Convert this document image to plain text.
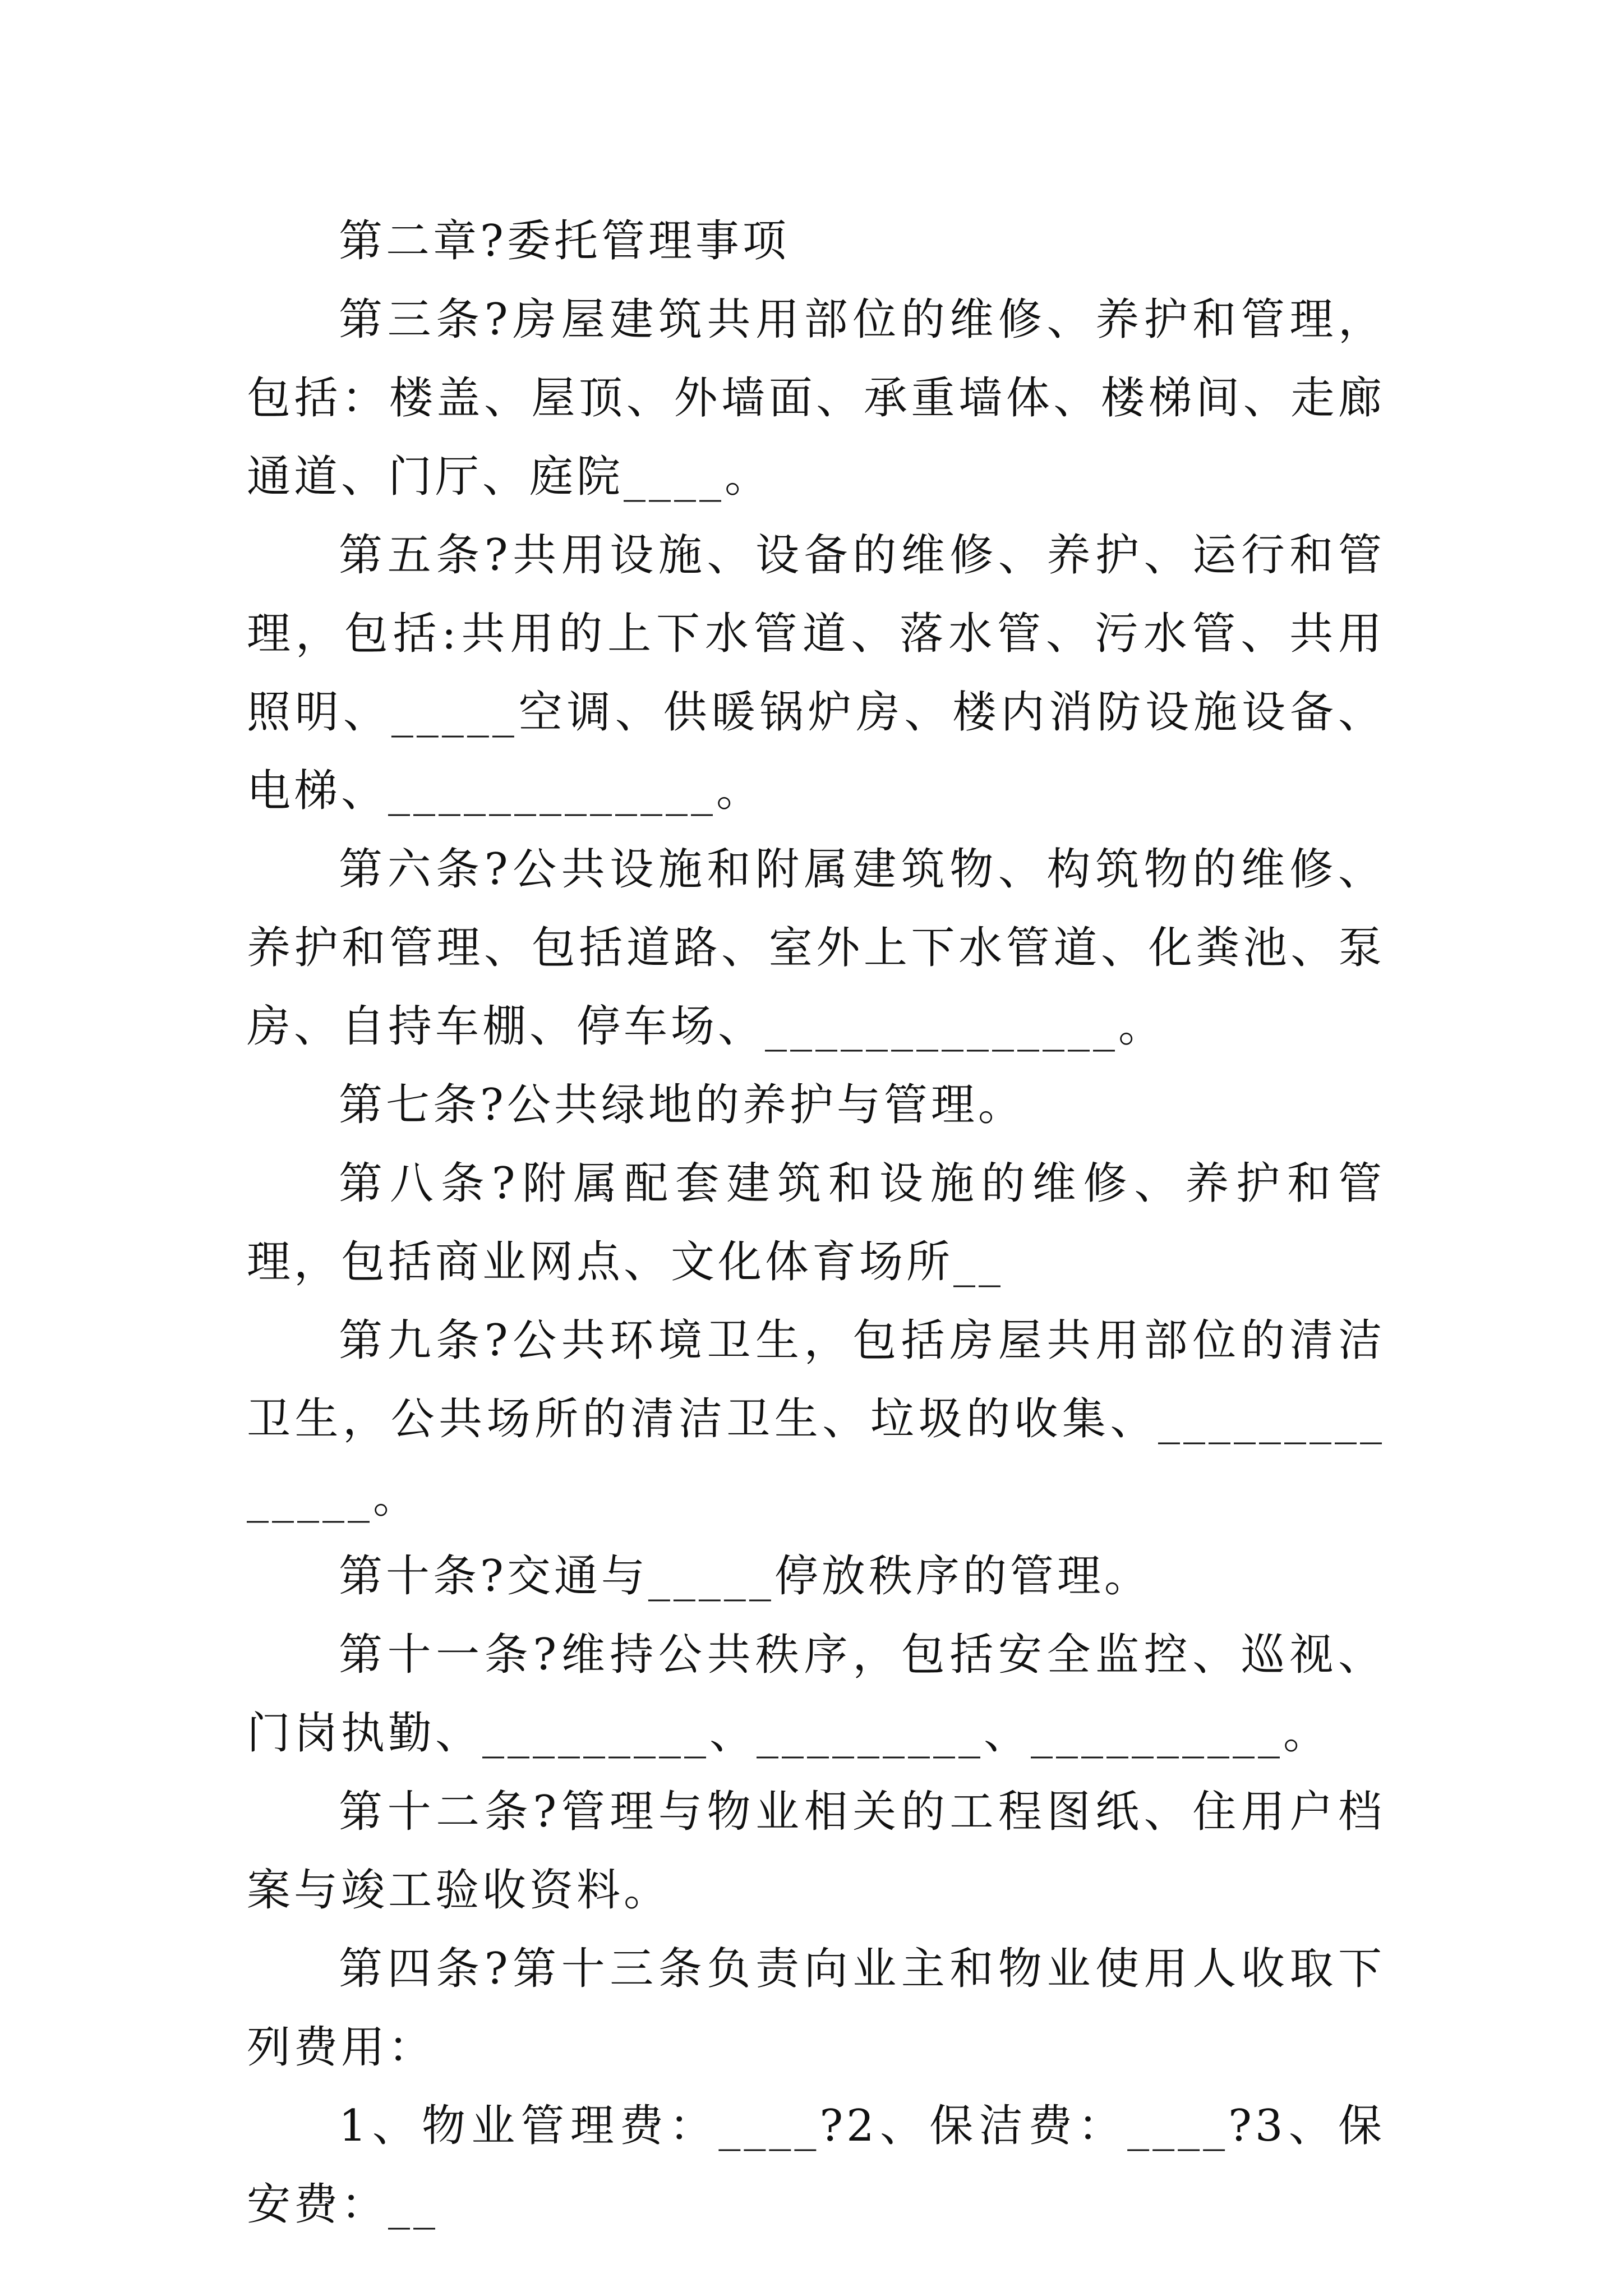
第二章?委托管理事项

第三条?房屋建筑共用部位的维修、养护和管理，包括：楼盖、屋顶、外墙面、承重墙体、楼梯间、走廊通道、门厅、庭院____。

第五条?共用设施、设备的维修、养护、运行和管理，包括:共用的上下水管道、落水管、污水管、共用照明、_____空调、供暖锅炉房、楼内消防设施设备、电梯、_____________。

第六条?公共设施和附属建筑物、构筑物的维修、养护和管理、包括道路、室外上下水管道、化粪池、泵房、自持车棚、停车场、______________。

第七条?公共绿地的养护与管理。

第八条?附属配套建筑和设施的维修、养护和管理，包括商业网点、文化体育场所__

第九条?公共环境卫生，包括房屋共用部位的清洁卫生，公共场所的清洁卫生、垃圾的收集、______________。

第十条?交通与_____停放秩序的管理。

第十一条?维持公共秩序，包括安全监控、巡视、门岗执勤、_________、_________、__________。

第十二条?管理与物业相关的工程图纸、住用户档案与竣工验收资料。

第四条?第十三条负责向业主和物业使用人收取下列费用：

1、物业管理费：____?2、保洁费：____?3、保安费：__
